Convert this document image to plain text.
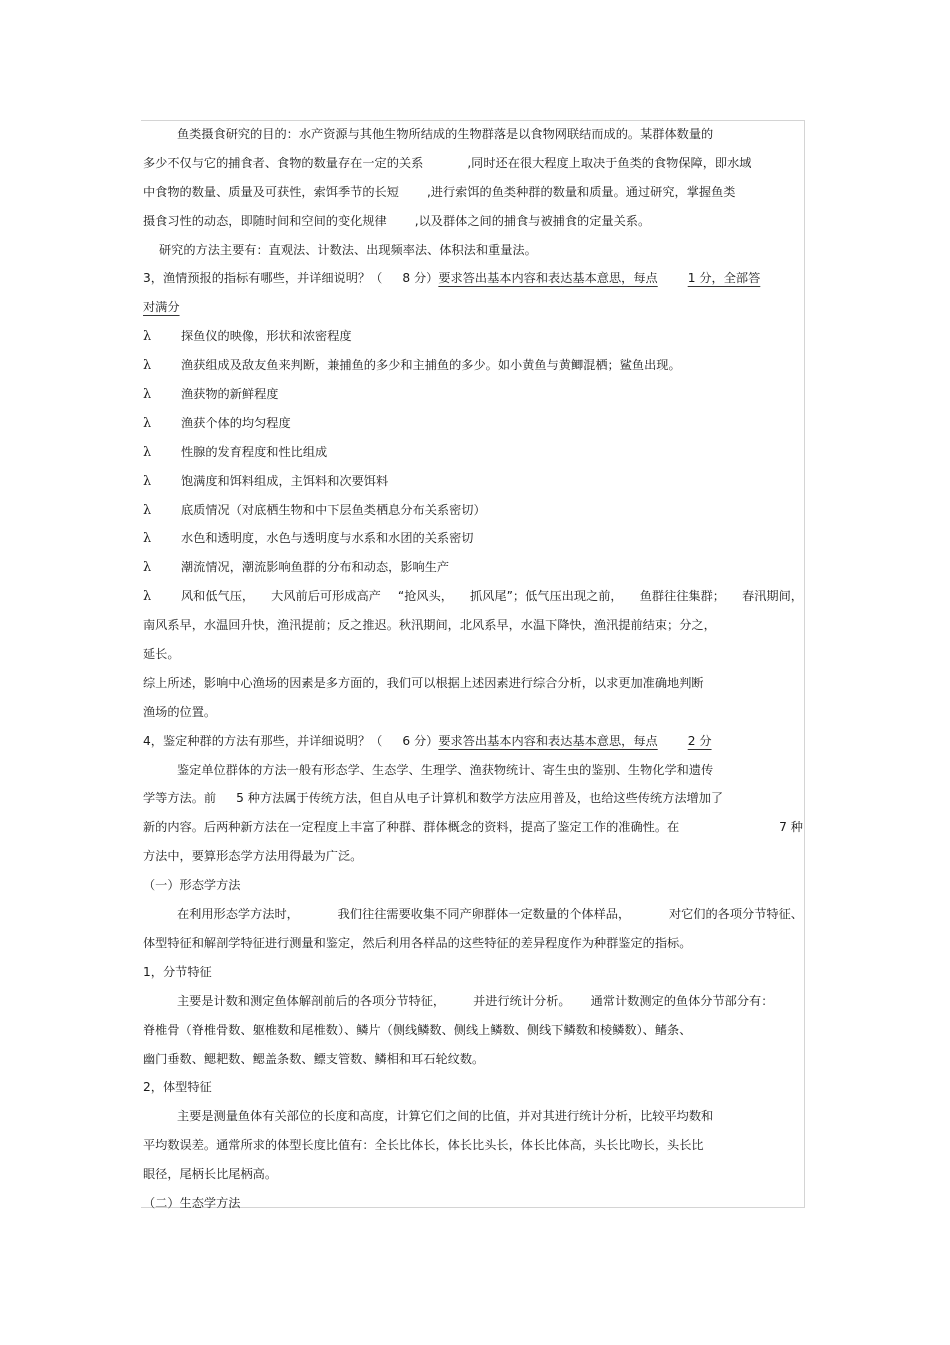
鱼类摄食研究的目的：水产资源与其他生物所结成的生物群落是以食物网联结而成的。某群体数量的
多少不仅与它的捕食者、食物的数量存在一定的关系	,同时还在很大程度上取决于鱼类的食物保障，即水域
中食物的数量、质量及可获性，索饵季节的长短 ,进行索饵的鱼类种群的数量和质量。通过研究，掌握鱼类
摄食习性的动态，即随时间和空间的变化规律 ,以及群体之间的捕食与被捕食的定量关系。
研究的方法主要有：直观法、计数法、出现频率法、体积法和重量法。
3，渔情预报的指标有哪些，并详细说明？（ 8 分）要求答出基本内容和表达基本意思，每点 1 分，全部答
对满分
λ 探鱼仪的映像，形状和浓密程度
λ 渔获组成及敌友鱼来判断，兼捕鱼的多少和主捕鱼的多少。如小黄鱼与黄鲫混栖；鲨鱼出现。
λ 渔获物的新鲜程度
λ 渔获个体的均匀程度
λ 性腺的发育程度和性比组成
λ 饱满度和饵料组成，主饵料和次要饵料
λ 底质情况（对底栖生物和中下层鱼类栖息分布关系密切）
λ 水色和透明度，水色与透明度与水系和水团的关系密切
λ 潮流情况，潮流影响鱼群的分布和动态，影响生产
λ 风和低气压， 大风前后可形成高产 “抢风头， 抓风尾”；低气压出现之前， 鱼群往往集群； 春汛期间，
南风系早，水温回升快，渔汛提前；反之推迟。秋汛期间，北风系早，水温下降快，渔汛提前结束；分之，
延长。
综上所述，影响中心渔场的因素是多方面的，我们可以根据上述因素进行综合分析，以求更加准确地判断
渔场的位置。
4，鉴定种群的方法有那些，并详细说明？（ 6 分）要求答出基本内容和表达基本意思，每点 2 分
鉴定单位群体的方法一般有形态学、生态学、生理学、渔获物统计、寄生虫的鉴别、生物化学和遗传
学等方法。前 5 种方法属于传统方法，但自从电子计算机和数学方法应用普及，也给这些传统方法增加了
新的内容。后两种新方法在一定程度上丰富了种群、群体概念的资料，提高了鉴定工作的准确性。在	7 种
方法中，要算形态学方法用得最为广泛。
（一）形态学方法
在利用形态学方法时，	我们往往需要收集不同产卵群体一定数量的个体样品，	对它们的各项分节特征、
体型特征和解剖学特征进行测量和鉴定，然后利用各样品的这些特征的差异程度作为种群鉴定的指标。
1，分节特征
主要是计数和测定鱼体解剖前后的各项分节特征， 并进行统计分析。 通常计数测定的鱼体分节部分有：
脊椎骨（脊椎骨数、躯椎数和尾椎数）、鳞片（侧线鳞数、侧线上鳞数、侧线下鳞数和棱鳞数）、鳍条、
幽门垂数、鳃耙数、鳃盖条数、鳔支管数、鳞相和耳石轮纹数。
2，体型特征
主要是测量鱼体有关部位的长度和高度，计算它们之间的比值，并对其进行统计分析，比较平均数和
平均数误差。通常所求的体型长度比值有：全长比体长，体长比头长，体长比体高，头长比吻长，头长比
眼径，尾柄长比尾柄高。
（二）生态学方法
